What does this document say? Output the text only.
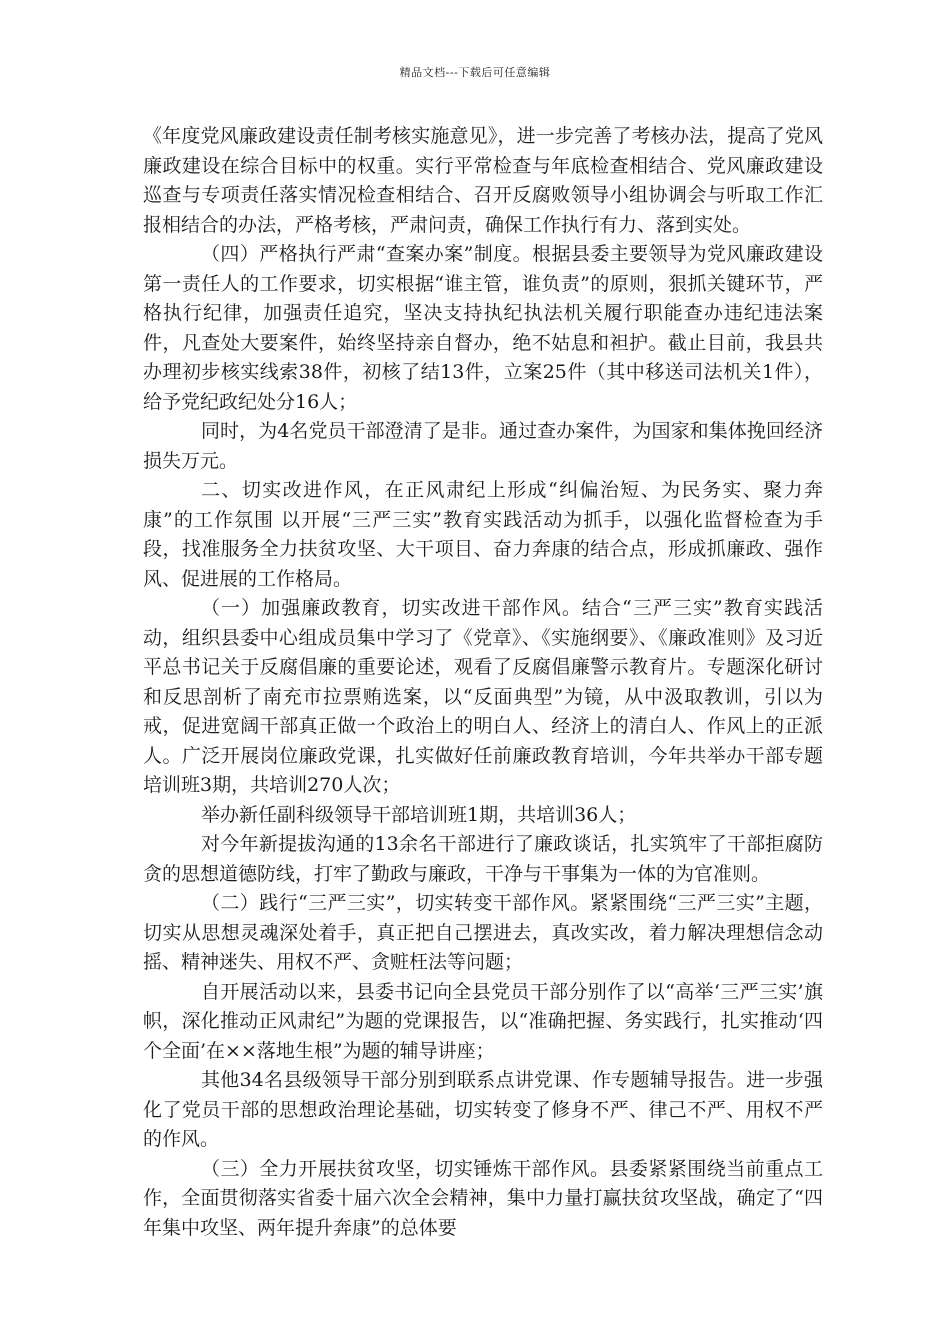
精品文档---下载后可任意编辑

《年度党风廉政建设责任制考核实施意见》，进一步完善了考核办法，提高了党风廉政建设在综合目标中的权重。实行平常检查与年底检查相结合、党风廉政建设巡查与专项责任落实情况检查相结合、召开反腐败领导小组协调会与听取工作汇报相结合的办法，严格考核，严肃问责，确保工作执行有力、落到实处。

（四）严格执行严肃“查案办案”制度。根据县委主要领导为党风廉政建设第一责任人的工作要求，切实根据“谁主管，谁负责”的原则，狠抓关键环节，严格执行纪律，加强责任追究，坚决支持执纪执法机关履行职能查办违纪违法案件，凡查处大要案件，始终坚持亲自督办，绝不姑息和袒护。截止目前，我县共办理初步核实线索38件，初核了结13件，立案25件（其中移送司法机关1件），给予党纪政纪处分16人；

同时，为4名党员干部澄清了是非。通过查办案件，为国家和集体挽回经济损失万元。

二、切实改进作风，在正风肃纪上形成“纠偏治短、为民务实、聚力奔康”的工作氛围 以开展“三严三实”教育实践活动为抓手，以强化监督检查为手段，找准服务全力扶贫攻坚、大干项目、奋力奔康的结合点，形成抓廉政、强作风、促进展的工作格局。

（一）加强廉政教育，切实改进干部作风。结合“三严三实”教育实践活动，组织县委中心组成员集中学习了《党章》、《实施纲要》、《廉政准则》及习近平总书记关于反腐倡廉的重要论述，观看了反腐倡廉警示教育片。专题深化研讨和反思剖析了南充市拉票贿选案，以“反面典型”为镜，从中汲取教训，引以为戒，促进宽阔干部真正做一个政治上的明白人、经济上的清白人、作风上的正派人。广泛开展岗位廉政党课，扎实做好任前廉政教育培训，今年共举办干部专题培训班3期，共培训270人次；

举办新任副科级领导干部培训班1期，共培训36人；

对今年新提拔沟通的13余名干部进行了廉政谈话，扎实筑牢了干部拒腐防贪的思想道德防线，打牢了勤政与廉政，干净与干事集为一体的为官准则。

（二）践行“三严三实”，切实转变干部作风。紧紧围绕“三严三实”主题，切实从思想灵魂深处着手，真正把自己摆进去，真改实改，着力解决理想信念动摇、精神迷失、用权不严、贪赃枉法等问题；

自开展活动以来，县委书记向全县党员干部分别作了以“高举‘三严三实’旗帜，深化推动正风肃纪”为题的党课报告，以“准确把握、务实践行，扎实推动‘四个全面’在××落地生根”为题的辅导讲座；

其他34名县级领导干部分别到联系点讲党课、作专题辅导报告。进一步强化了党员干部的思想政治理论基础，切实转变了修身不严、律己不严、用权不严的作风。

（三）全力开展扶贫攻坚，切实锤炼干部作风。县委紧紧围绕当前重点工作，全面贯彻落实省委十届六次全会精神，集中力量打赢扶贫攻坚战，确定了“四年集中攻坚、两年提升奔康”的总体要
